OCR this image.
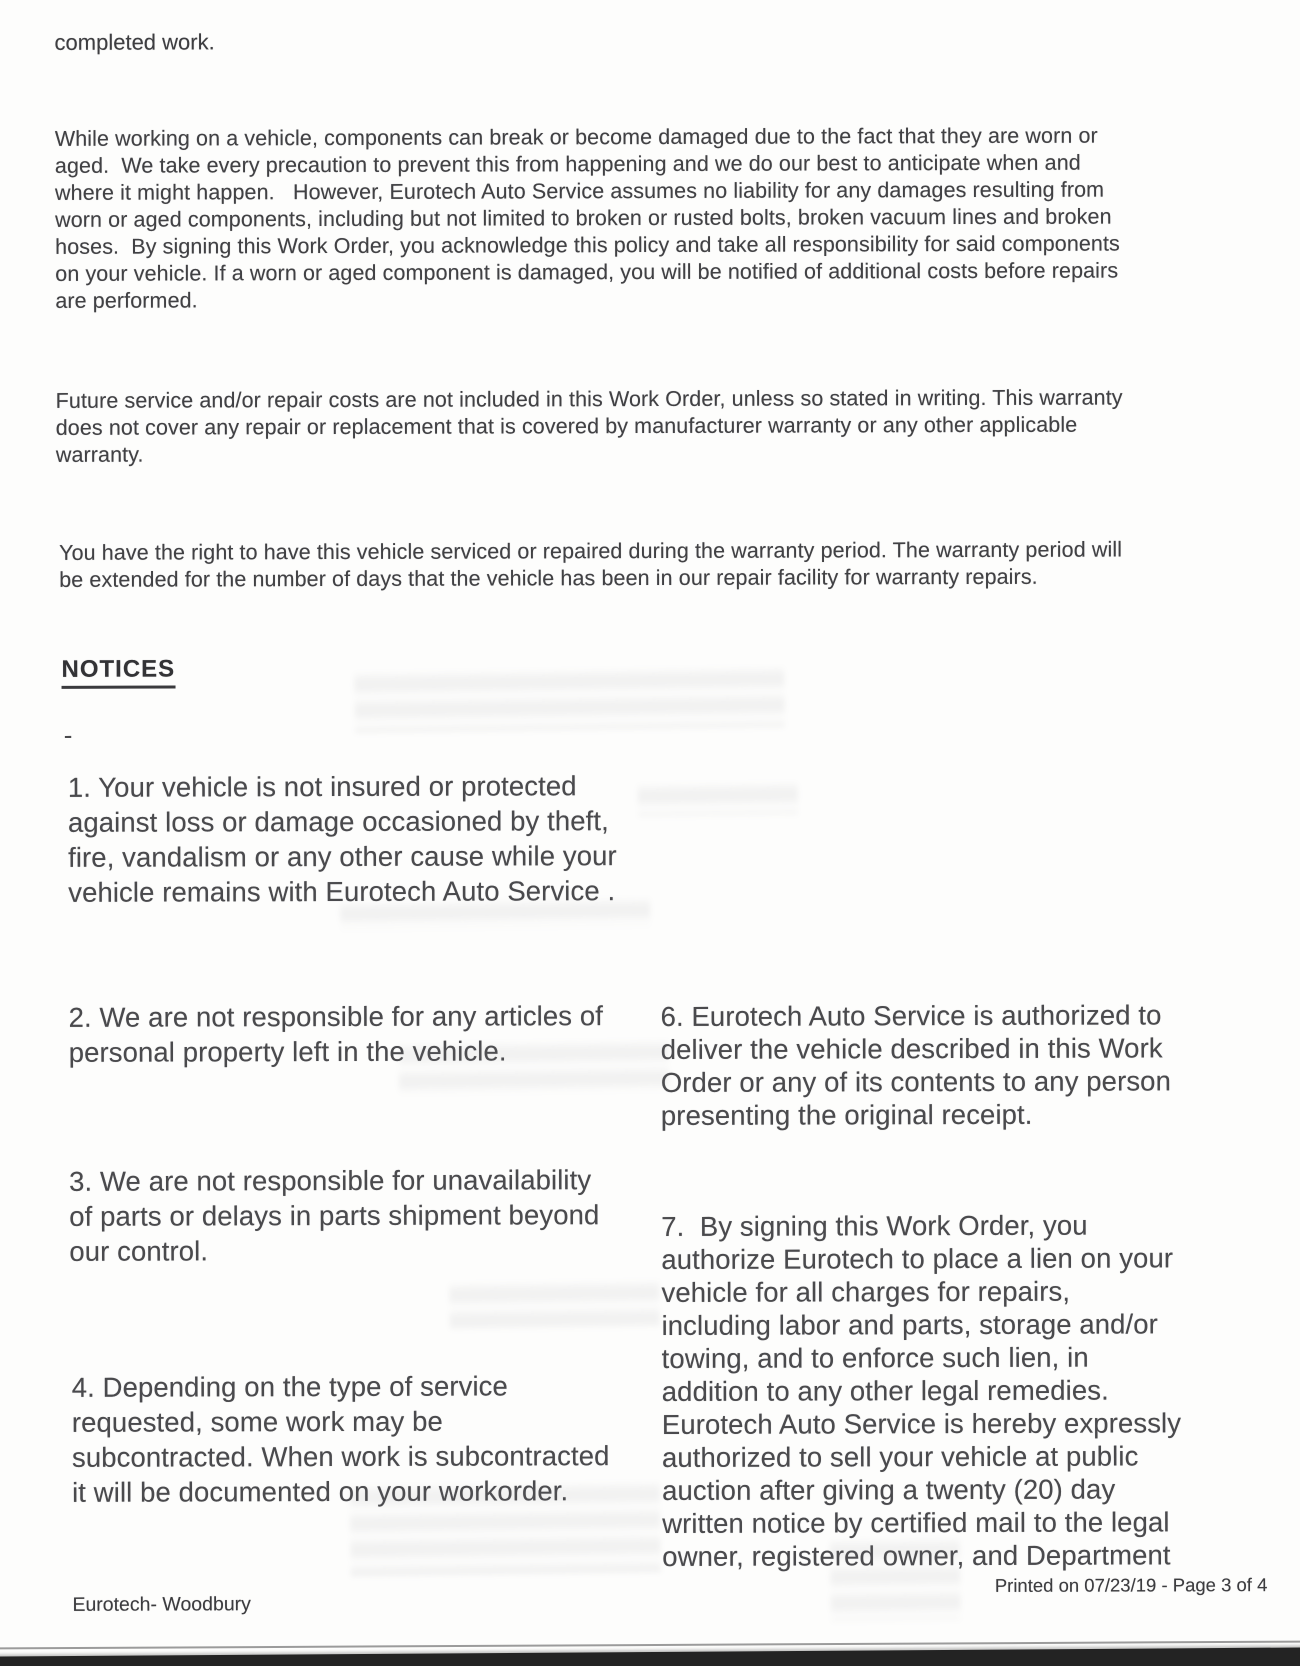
completed work.
While working on a vehicle, components can break or become damaged due to the fact that they are worn or
aged.  We take every precaution to prevent this from happening and we do our best to anticipate when and
where it might happen.   However, Eurotech Auto Service assumes no liability for any damages resulting from
worn or aged components, including but not limited to broken or rusted bolts, broken vacuum lines and broken
hoses.  By signing this Work Order, you acknowledge this policy and take all responsibility for said components
on your vehicle. If a worn or aged component is damaged, you will be notified of additional costs before repairs
are performed.
Future service and/or repair costs are not included in this Work Order, unless so stated in writing. This warranty
does not cover any repair or replacement that is covered by manufacturer warranty or any other applicable
warranty.
You have the right to have this vehicle serviced or repaired during the warranty period. The warranty period will
be extended for the number of days that the vehicle has been in our repair facility for warranty repairs.
NOTICES
-
1. Your vehicle is not insured or protected
against loss or damage occasioned by theft,
fire, vandalism or any other cause while your
vehicle remains with Eurotech Auto Service .
2. We are not responsible for any articles of
personal property left in the vehicle.
3. We are not responsible for unavailability
of parts or delays in parts shipment beyond
our control.
4. Depending on the type of service
requested, some work may be
subcontracted. When work is subcontracted
it will be documented on your workorder.
6. Eurotech Auto Service is authorized to
deliver the vehicle described in this Work
Order or any of its contents to any person
presenting the original receipt.
7.  By signing this Work Order, you
authorize Eurotech to place a lien on your
vehicle for all charges for repairs,
including labor and parts, storage and/or
towing, and to enforce such lien, in
addition to any other legal remedies.
Eurotech Auto Service is hereby expressly
authorized to sell your vehicle at public
auction after giving a twenty (20) day
written notice by certified mail to the legal
owner, registered owner, and Department
Eurotech- Woodbury
Printed on 07/23/19 - Page 3 of 4
